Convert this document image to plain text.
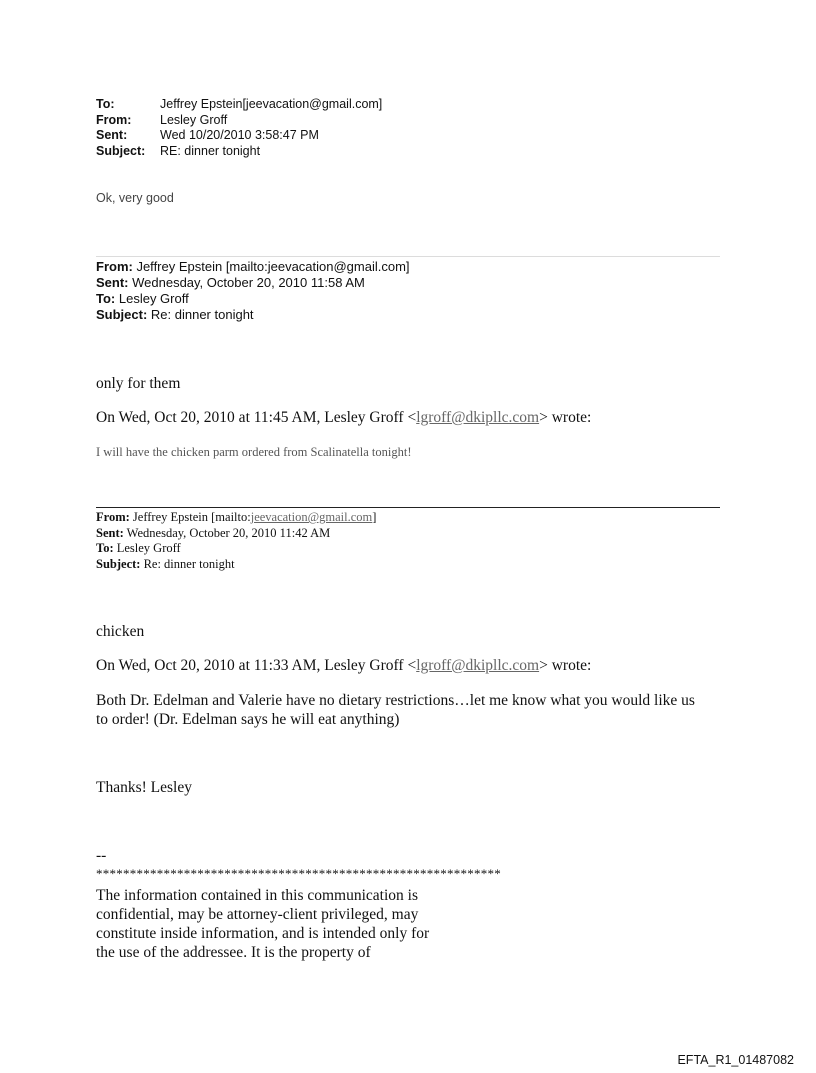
To:	Jeffrey Epstein[jeevacation@gmail.com]
From:	Lesley Groff
Sent:	Wed 10/20/2010 3:58:47 PM
Subject:	RE: dinner tonight
Ok, very good
From: Jeffrey Epstein [mailto:jeevacation@gmail.com]
Sent: Wednesday, October 20, 2010 11:58 AM
To: Lesley Groff
Subject: Re: dinner tonight

only for them

On Wed, Oct 20, 2010 at 11:45 AM, Lesley Groff <lgroff@dkipllc.com> wrote:

I will have the chicken parm ordered from Scalinatella tonight!

From: Jeffrey Epstein [mailto:jeevacation@gmail.com]
Sent: Wednesday, October 20, 2010 11:42 AM
To: Lesley Groff
Subject: Re: dinner tonight

chicken

On Wed, Oct 20, 2010 at 11:33 AM, Lesley Groff <lgroff@dkipllc.com> wrote:

Both Dr. Edelman and Valerie have no dietary restrictions…let me know what you would like us

to order! (Dr. Edelman says he will eat anything)

Thanks! Lesley

--

************************************************************

The information contained in this communication is

confidential, may be attorney-client privileged, may

constitute inside information, and is intended only for

the use of the addressee. It is the property of

EFTA_R1_01487082
